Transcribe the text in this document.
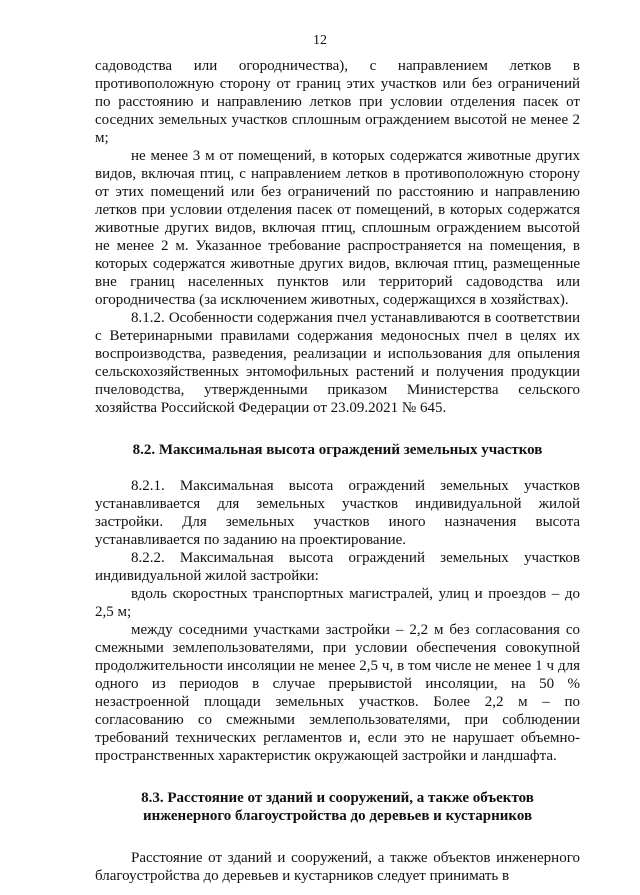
12

садоводства или огородничества), с направлением летков в противоположную сторону от границ этих участков или без ограничений по расстоянию и направлению летков при условии отделения пасек от соседних земельных участков сплошным ограждением высотой не менее 2 м;

не менее 3 м от помещений, в которых содержатся животные других видов, включая птиц, с направлением летков в противоположную сторону от этих помещений или без ограничений по расстоянию и направлению летков при условии отделения пасек от помещений, в которых содержатся животные других видов, включая птиц, сплошным ограждением высотой не менее 2 м. Указанное требование распространяется на помещения, в которых содержатся животные других видов, включая птиц, размещенные вне границ населенных пунктов или территорий садоводства или огородничества (за исключением животных, содержащихся в хозяйствах).

8.1.2. Особенности содержания пчел устанавливаются в соответствии с Ветеринарными правилами содержания медоносных пчел в целях их воспроизводства, разведения, реализации и использования для опыления сельскохозяйственных энтомофильных растений и получения продукции пчеловодства, утвержденными приказом Министерства сельского хозяйства Российской Федерации от 23.09.2021 № 645.

8.2. Максимальная высота ограждений земельных участков

8.2.1. Максимальная высота ограждений земельных участков устанавливается для земельных участков индивидуальной жилой застройки. Для земельных участков иного назначения высота устанавливается по заданию на проектирование.

8.2.2. Максимальная высота ограждений земельных участков индивидуальной жилой застройки:

вдоль скоростных транспортных магистралей, улиц и проездов – до 2,5 м;

между соседними участками застройки – 2,2 м без согласования со смежными землепользователями, при условии обеспечения совокупной продолжительности инсоляции не менее 2,5 ч, в том числе не менее 1 ч для одного из периодов в случае прерывистой инсоляции, на 50 % незастроенной площади земельных участков. Более 2,2 м – по согласованию со смежными землепользователями, при соблюдении требований технических регламентов и, если это не нарушает объемно-пространственных характеристик окружающей застройки и ландшафта.

8.3. Расстояние от зданий и сооружений, а также объектов
инженерного благоустройства до деревьев и кустарников

Расстояние от зданий и сооружений, а также объектов инженерного благоустройства до деревьев и кустарников следует принимать в
